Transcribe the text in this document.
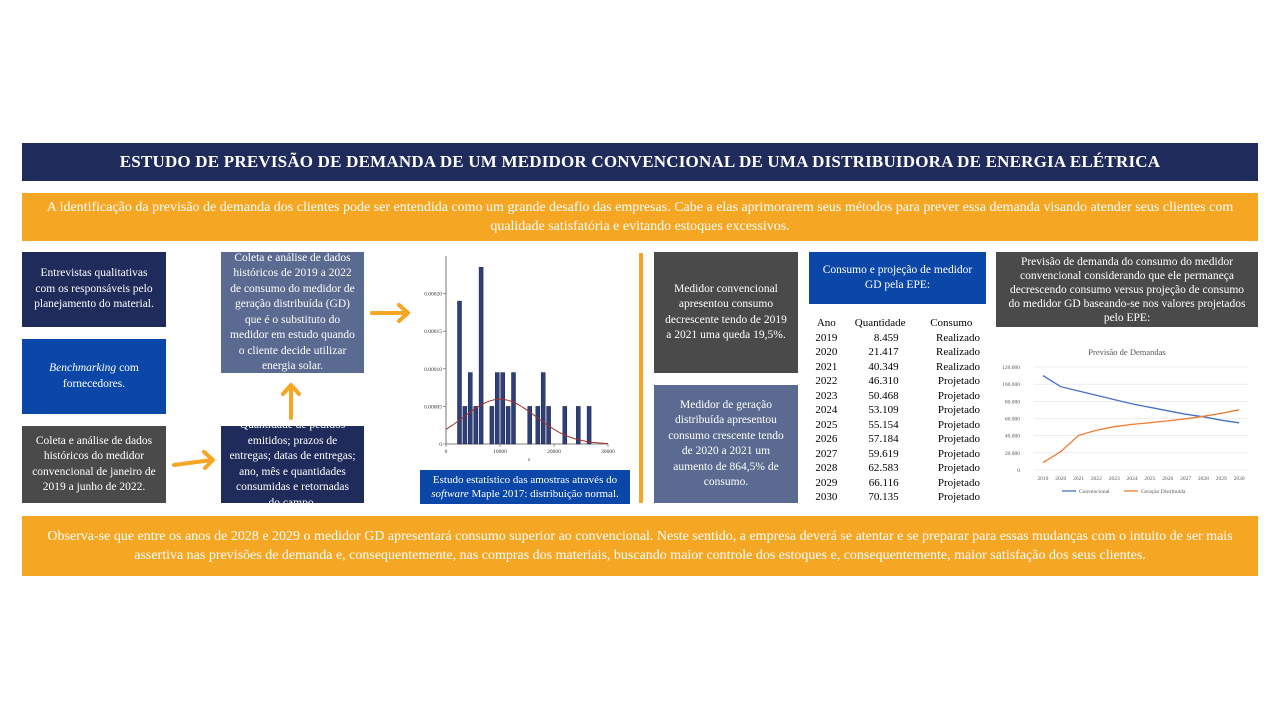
ESTUDO DE PREVISÃO DE DEMANDA DE UM MEDIDOR CONVENCIONAL DE UMA DISTRIBUIDORA DE ENERGIA ELÉTRICA
A identificação da previsão de demanda dos clientes pode ser entendida como um grande desafio das empresas. Cabe a elas aprimorarem seus métodos para prever essa demanda visando atender seus clientes com qualidade satisfatória e evitando estoques excessivos.
Entrevistas qualitativas com os responsáveis pelo planejamento do material.
Benchmarking com fornecedores.
Coleta e análise de dados históricos do medidor convencional de janeiro de 2019 a junho de 2022.
Coleta e análise de dados históricos de 2019 a 2022 de consumo do medidor de geração distribuída (GD) que é o substituto do medidor em estudo quando o cliente decide utilizar energia solar.
Quantidade de pedidos emitidos; prazos de entregas; datas de entregas; ano, mês e quantidades consumidas e retornadas do campo.
0
0.00005
0.00010
0.00015
0.00020
0	10000	20000	30000
x
Estudo estatístico das amostras através do software Maple 2017: distribuição normal.
Medidor convencional apresentou consumo decrescente tendo de 2019 a 2021 uma queda 19,5%.
Medidor de geração distribuída apresentou consumo crescente tendo de 2020 a 2021 um aumento de 864,5% de consumo.
Consumo e projeção de medidor GD pela EPE:
Ano	Quantidade	Consumo
2019	8.459	Realizado
2020	21.417	Realizado
2021	40.349	Realizado
2022	46.310	Projetado
2023	50.468	Projetado
2024	53.109	Projetado
2025	55.154	Projetado
2026	57.184	Projetado
2027	59.619	Projetado
2028	62.583	Projetado
2029	66.116	Projetado
2030	70.135	Projetado
Previsão de demanda do consumo do medidor convencional considerando que ele permaneça decrescendo consumo versus projeção de consumo do medidor GD baseando-se nos valores projetados pelo EPE:
Previsão de Demandas
0
20.000
40.000
60.000
80.000
100.000
120.000
2019 2020 2021 2022 2023 2024 2025 2026 2027 2028 2029 2030
Convencional	Geração Distribuída
Observa-se que entre os anos de 2028 e 2029 o medidor GD apresentará consumo superior ao convencional. Neste sentido, a empresa deverá se atentar e se preparar para essas mudanças com o intuito de ser mais assertiva nas previsões de demanda e, consequentemente, nas compras dos materiais, buscando maior controle dos estoques e, consequentemente, maior satisfação dos seus clientes.
